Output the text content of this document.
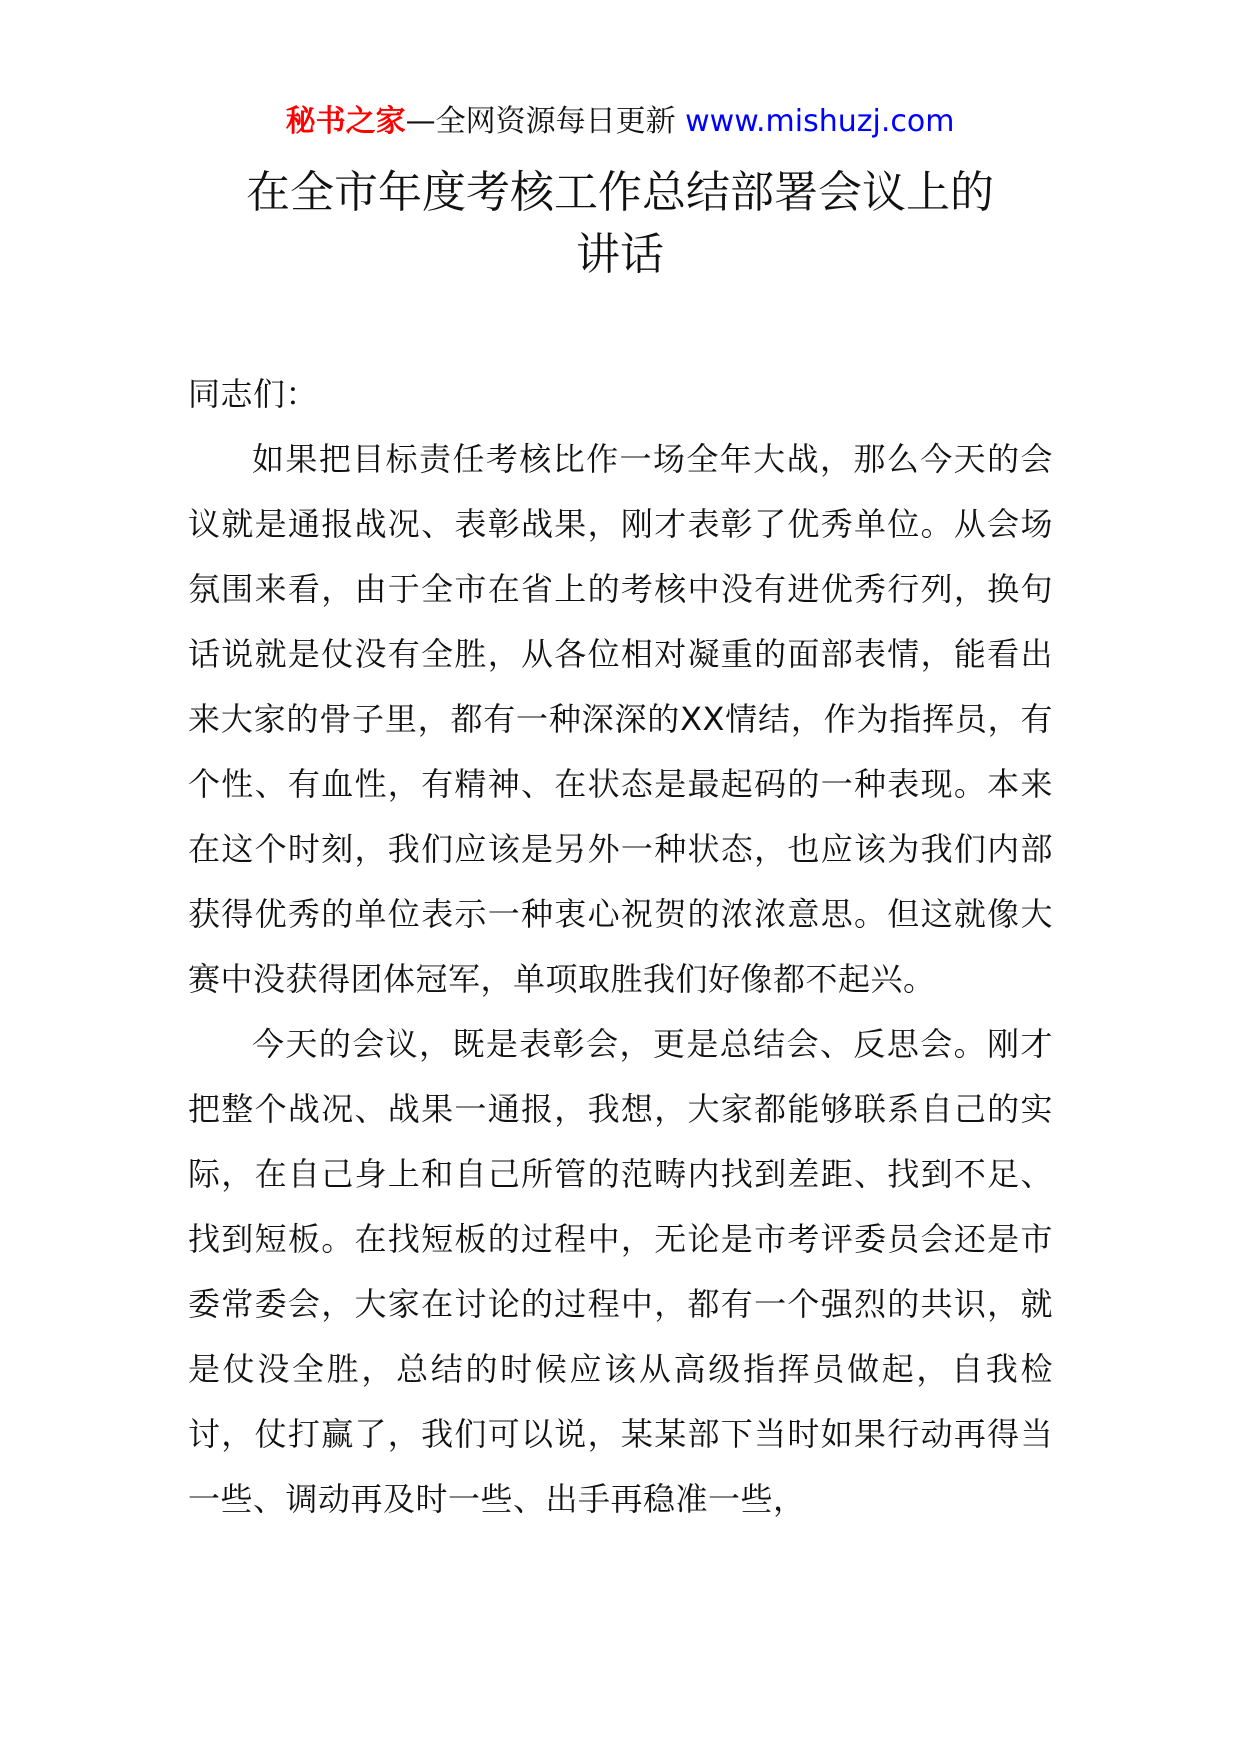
秘书之家—全网资源每日更新 www.mishuzj.com
在全市年度考核工作总结部署会议上的
讲话

同志们：

如果把目标责任考核比作一场全年大战，那么今天的会议就是通报战况、表彰战果，刚才表彰了优秀单位。从会场氛围来看，由于全市在省上的考核中没有进优秀行列，换句话说就是仗没有全胜，从各位相对凝重的面部表情，能看出来大家的骨子里，都有一种深深的XX情结，作为指挥员，有个性、有血性，有精神、在状态是最起码的一种表现。本来在这个时刻，我们应该是另外一种状态，也应该为我们内部获得优秀的单位表示一种衷心祝贺的浓浓意思。但这就像大赛中没获得团体冠军，单项取胜我们好像都不起兴。

今天的会议，既是表彰会，更是总结会、反思会。刚才把整个战况、战果一通报，我想，大家都能够联系自己的实际，在自己身上和自己所管的范畴内找到差距、找到不足、找到短板。在找短板的过程中，无论是市考评委员会还是市委常委会，大家在讨论的过程中，都有一个强烈的共识，就是仗没全胜，总结的时候应该从高级指挥员做起，自我检讨，仗打赢了，我们可以说，某某部下当时如果行动再得当一些、调动再及时一些、出手再稳准一些，
